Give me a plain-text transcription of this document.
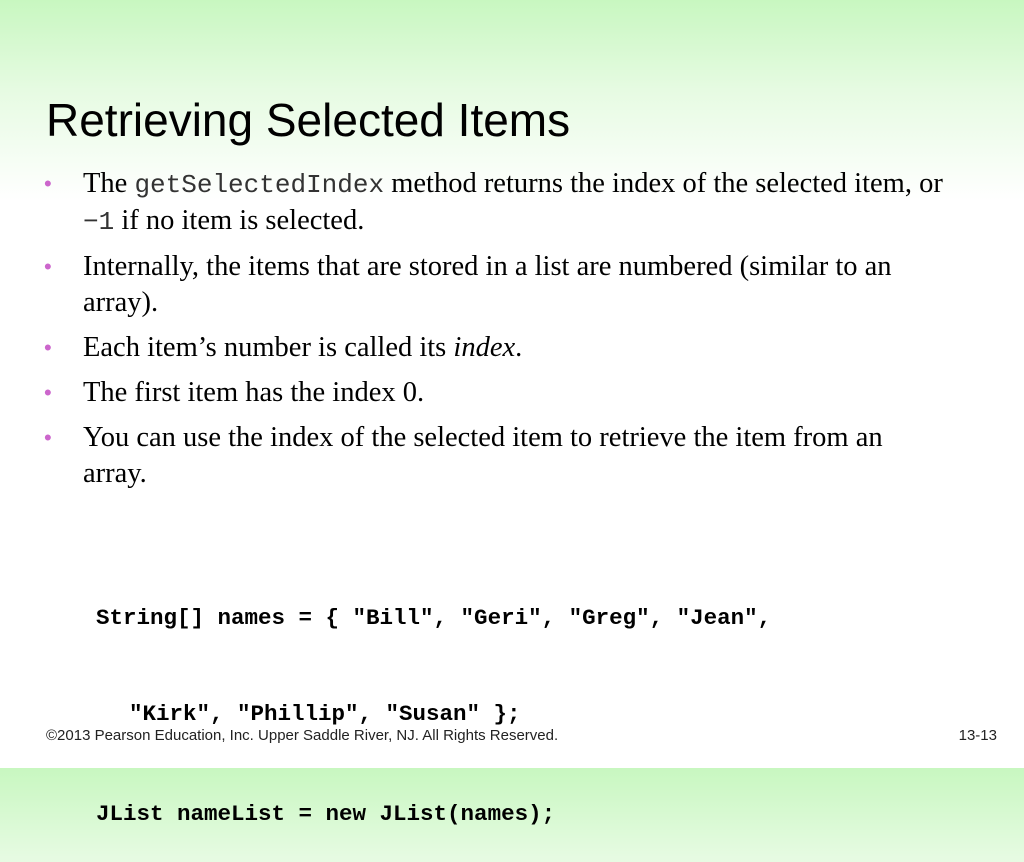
Retrieving Selected Items
• The getSelectedIndex method returns the index of the selected item, or −1 if no item is selected.
• Internally, the items that are stored in a list are numbered (similar to an array).
• Each item’s number is called its index.
• The first item has the index 0.
• You can use the index of the selected item to retrieve the item from an array.

String[] names = { "Bill", "Geri", "Greg", "Jean",

"Kirk", "Phillip", "Susan" };

JList nameList = new JList(names);

©2013 Pearson Education, Inc. Upper Saddle River, NJ. All Rights Reserved.	13-13
